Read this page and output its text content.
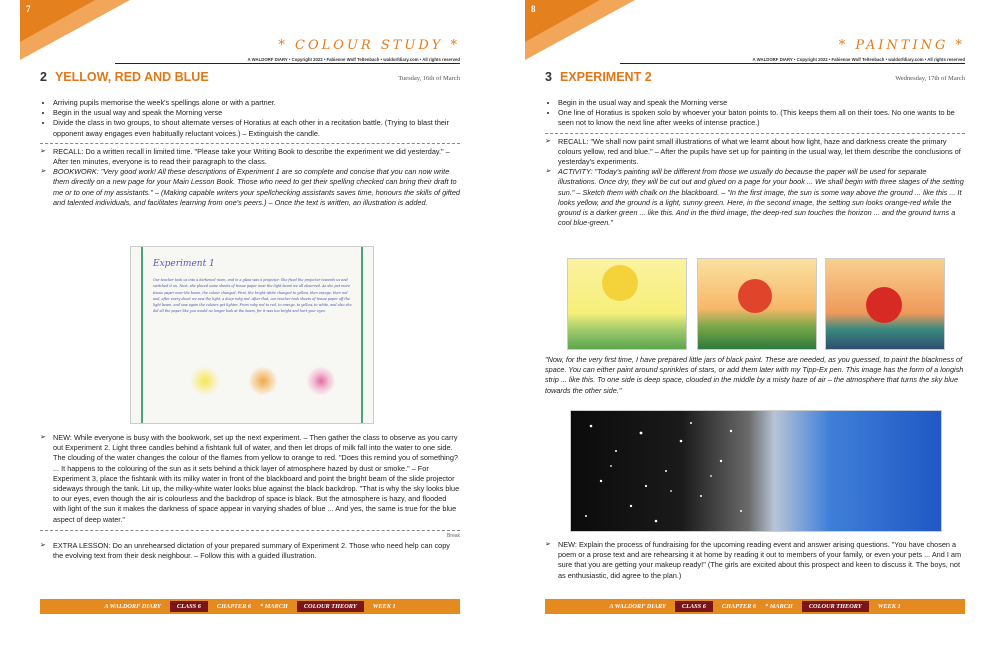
7
* COLOUR STUDY *
A WALDORF DIARY • Copyright 2022 • Fabienne Wolf Teltenbach • waldorfdiary.com • All rights reserved
2 YELLOW, RED AND BLUE	Tuesday, 16th of March
• Arriving pupils memorise the week's spellings alone or with a partner.
• Begin in the usual way and speak the Morning verse
• Divide the class in two groups, to shout alternate verses of Horatius at each other in a recitation battle. (Trying to blast their opponent away engages even habitually reluctant voices.) – Extinguish the candle.
➢ RECALL: Do a written recall in limited time. "Please take your Writing Book to describe the experiment we did yesterday." – After ten minutes, everyone is to read their paragraph to the class.
➢ BOOKWORK: "Very good work! All these descriptions of Experiment 1 are so complete and concise that you can now write them directly on a new page for your Main Lesson Book. Those who need to get their spelling checked can bring their draft to me or to one of my assistants." – (Making capable writers your spellchecking assistants saves time, honours the skills of gifted and talented individuals, and facilitates learning from one's peers.) – Once the text is written, an illustration is added.
Experiment 1
Our teacher took us into a darkened room, and in a glass was a projector. She fixed the projector towards us and switched it on. Next, she placed some sheets of tissue paper near the light beam we all observed. As she put more tissue paper near the beam, the colour changed. First, the bright white changed to yellow, then orange, then red and, after every sheet we saw the light, a deep ruby red. After that, our teacher took sheets of tissue paper off the light beam, and saw again the colours get lighter. From ruby red to red, to orange, to yellow, to white, and also she did all the paper like you would no longer look at the beam, for it was too bright and hurt your eyes.
➢ NEW: While everyone is busy with the bookwork, set up the next experiment. – Then gather the class to observe as you carry out Experiment 2. Light three candles behind a fishtank full of water, and then let drops of milk fall into the water to one side. The clouding of the water changes the colour of the flames from yellow to orange to red. "Does this remind you of something? ... It happens to the colouring of the sun as it sets behind a thick layer of atmosphere hazed by dust or smoke." – For Experiment 3, place the fishtank with its milky water in front of the blackboard and point the bright beam of the slide projector sideways through the tank. Lit up, the milky-white water looks blue against the black backdrop. "That is why the sky looks blue to our eyes, even though the air is colourless and the backdrop of space is black. But the atmosphere is hazy, and flooded with light of the sun it makes the darkness of space appear in varying shades of blue ... And yes, the same is true for the blue aspect of deep water."
Break
➢ EXTRA LESSON: Do an unrehearsed dictation of your prepared summary of Experiment 2. Those who need help can copy the evolving text from their desk neighbour. – Follow this with a guided illustration.
A WALDORF DIARY	CLASS 6	CHAPTER 6 * MARCH	COLOUR THEORY	WEEK 1
8
* PAINTING *
A WALDORF DIARY • Copyright 2022 • Fabienne Wolf Teltenbach • waldorfdiary.com • All rights reserved
3 EXPERIMENT 2	Wednesday, 17th of March
• Begin in the usual way and speak the Morning verse
• One line of Horatius is spoken solo by whoever your baton points to. (This keeps them all on their toes. No one wants to be seen not to know the next line after weeks of intense practice.)
➢ RECALL: "We shall now paint small illustrations of what we learnt about how light, haze and darkness create the primary colours yellow, red and blue." – After the pupils have set up for painting in the usual way, let them describe the conclusions of yesterday's experiments.
➢ ACTIVITY: "Today's painting will be different from those we usually do because the paper will be used for separate illustrations. Once dry, they will be cut out and glued on a page for your book ... We shall begin with three stages of the setting sun." – Sketch them with chalk on the blackboard. – "In the first image, the sun is some way above the ground ... like this ... It looks yellow, and the ground is a light, sunny green. Here, in the second image, the setting sun looks orange-red while the ground is a darker green ... like this. And in the third image, the deep-red sun touches the horizon ... and the ground turns a cool blue-green."
"Now, for the very first time, I have prepared little jars of black paint. These are needed, as you guessed, to paint the blackness of space. You can either paint around sprinkles of stars, or add them later with my Tipp-Ex pen. This image has the form of a longish strip ... like this. To one side is deep space, clouded in the middle by a misty haze of air – the atmosphere that turns the sky blue towards the other side."
➢ NEW: Explain the process of fundraising for the upcoming reading event and answer arising questions. "You have chosen a poem or a prose text and are rehearsing it at home by reading it out to members of your family, or even your pets ... And I am sure that you are getting your makeup ready!" (The girls are excited about this prospect and keen to discuss it. The boys, not as enthusiastic, did agree to the plan.)
A WALDORF DIARY	CLASS 6	CHAPTER 6 * MARCH	COLOUR THEORY	WEEK 1
